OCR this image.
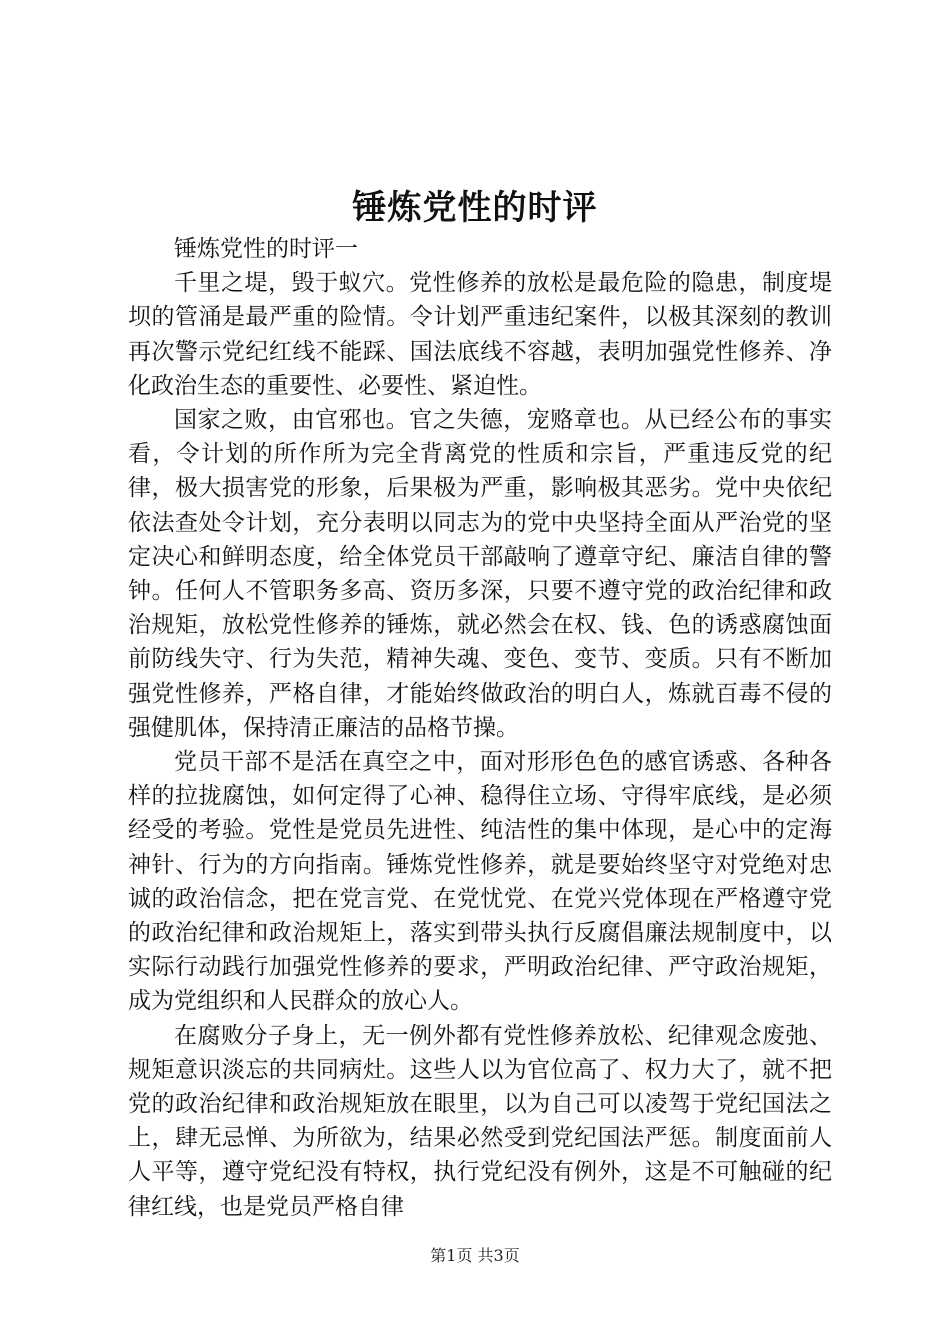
锤炼党性的时评

锤炼党性的时评一

千里之堤，毁于蚁穴。党性修养的放松是最危险的隐患，制度堤坝的管涌是最严重的险情。令计划严重违纪案件，以极其深刻的教训再次警示党纪红线不能踩、国法底线不容越，表明加强党性修养、净化政治生态的重要性、必要性、紧迫性。

国家之败，由官邪也。官之失德，宠赂章也。从已经公布的事实看，令计划的所作所为完全背离党的性质和宗旨，严重违反党的纪律，极大损害党的形象，后果极为严重，影响极其恶劣。党中央依纪依法查处令计划，充分表明以同志为的党中央坚持全面从严治党的坚定决心和鲜明态度，给全体党员干部敲响了遵章守纪、廉洁自律的警钟。任何人不管职务多高、资历多深，只要不遵守党的政治纪律和政治规矩，放松党性修养的锤炼，就必然会在权、钱、色的诱惑腐蚀面前防线失守、行为失范，精神失魂、变色、变节、变质。只有不断加强党性修养，严格自律，才能始终做政治的明白人，炼就百毒不侵的强健肌体，保持清正廉洁的品格节操。

党员干部不是活在真空之中，面对形形色色的感官诱惑、各种各样的拉拢腐蚀，如何定得了心神、稳得住立场、守得牢底线，是必须经受的考验。党性是党员先进性、纯洁性的集中体现，是心中的定海神针、行为的方向指南。锤炼党性修养，就是要始终坚守对党绝对忠诚的政治信念，把在党言党、在党忧党、在党兴党体现在严格遵守党的政治纪律和政治规矩上，落实到带头执行反腐倡廉法规制度中，以实际行动践行加强党性修养的要求，严明政治纪律、严守政治规矩，成为党组织和人民群众的放心人。

在腐败分子身上，无一例外都有党性修养放松、纪律观念废弛、规矩意识淡忘的共同病灶。这些人以为官位高了、权力大了，就不把党的政治纪律和政治规矩放在眼里，以为自己可以凌驾于党纪国法之上，肆无忌惮、为所欲为，结果必然受到党纪国法严惩。制度面前人人平等，遵守党纪没有特权，执行党纪没有例外，这是不可触碰的纪律红线，也是党员严格自律

第1页 共3页
